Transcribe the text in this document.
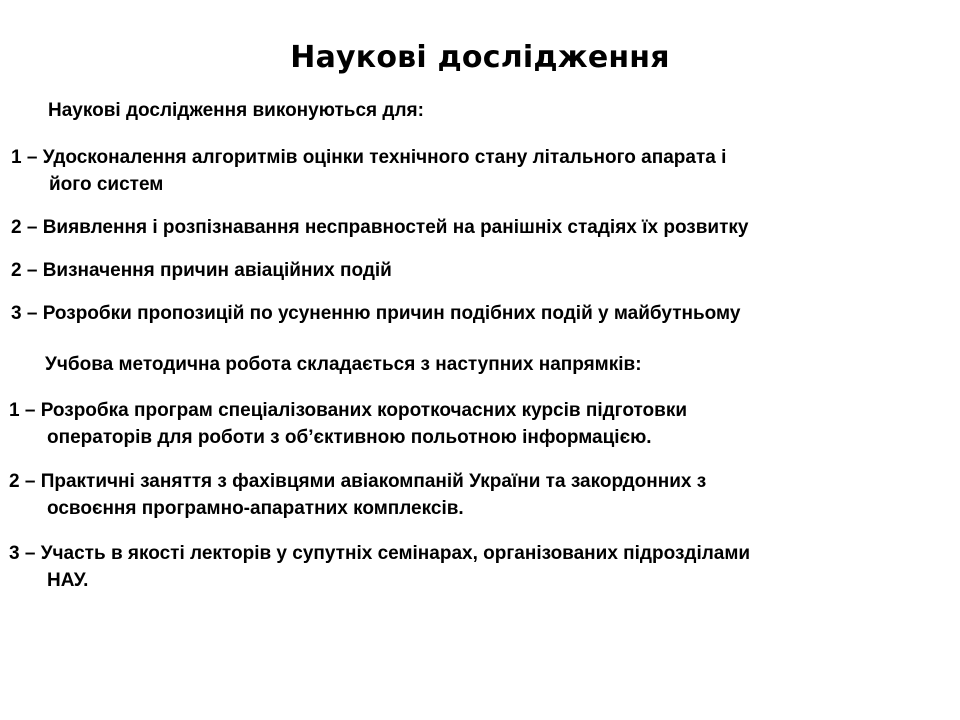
Наукові дослідження
Наукові дослідження виконуються для:
1 – Удосконалення алгоритмів оцінки технічного стану літального апарата і
його систем
2 – Виявлення і розпізнавання несправностей на ранішніх стадіях їх розвитку
2 – Визначення причин авіаційних подій
3 – Розробки пропозицій по усуненню причин подібних подій у майбутньому
Учбова методична робота складається з наступних напрямків:
1 – Розробка програм спеціалізованих короткочасних курсів підготовки
операторів для роботи з об’єктивною польотною інформацією.
2 – Практичні заняття з фахівцями авіакомпаній України та закордонних з
освоєння програмно-апаратних комплексів.
3 – Участь в якості лекторів у супутніх семінарах, організованих підрозділами
НАУ.
